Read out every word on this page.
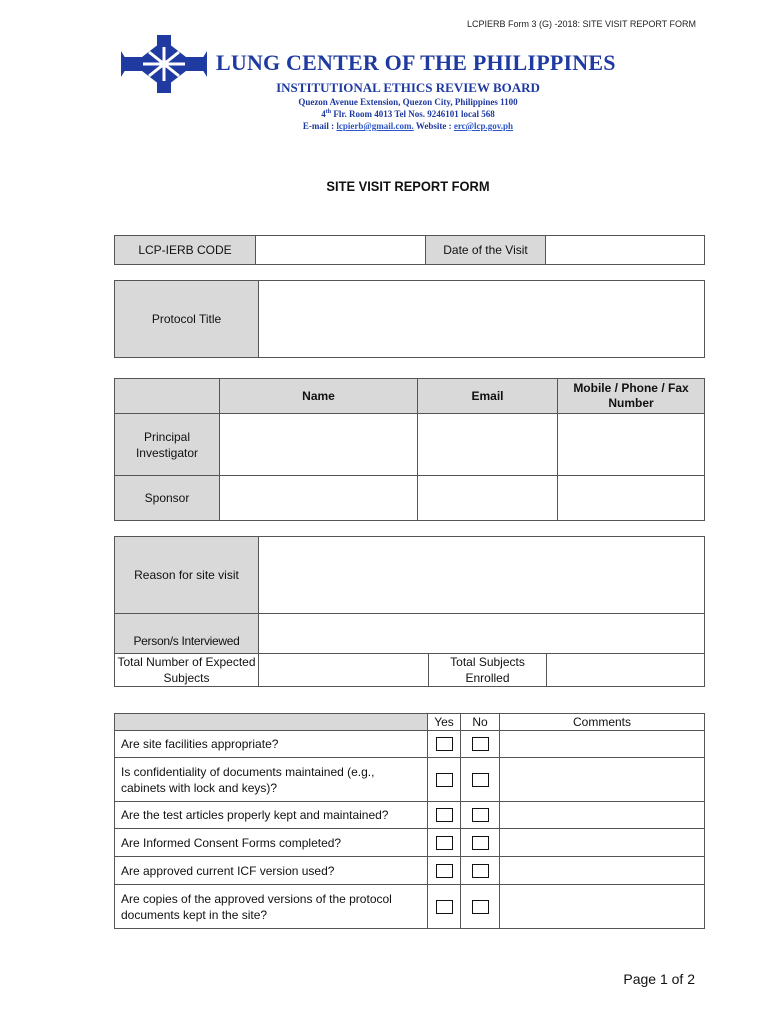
LCPIERB Form 3 (G) -2018: SITE VISIT REPORT FORM
LUNG CENTER OF THE PHILIPPINES
INSTITUTIONAL ETHICS REVIEW BOARD
Quezon Avenue Extension, Quezon City, Philippines 1100
4th Flr. Room 4013 Tel Nos. 9246101 local 568
E-mail : lcpierb@gmail.com. Website : erc@lcp.gov.ph
SITE VISIT REPORT FORM
LCP-IERB CODE		Date of the Visit	
Protocol Title	
	Name	Email	Mobile / Phone / Fax Number
Principal Investigator			
Sponsor			
Reason for site visit			
Person/s Interviewed			
Total Number of Expected Subjects		Total Subjects Enrolled	
	Yes	No	Comments
Are site facilities appropriate?			
Is confidentiality of documents maintained (e.g., cabinets with lock and keys)?			
Are the test articles properly kept and maintained?			
Are Informed Consent Forms completed?			
Are approved current ICF version used?			
Are copies of the approved versions of the protocol documents kept in the site?			
Page 1 of 2
